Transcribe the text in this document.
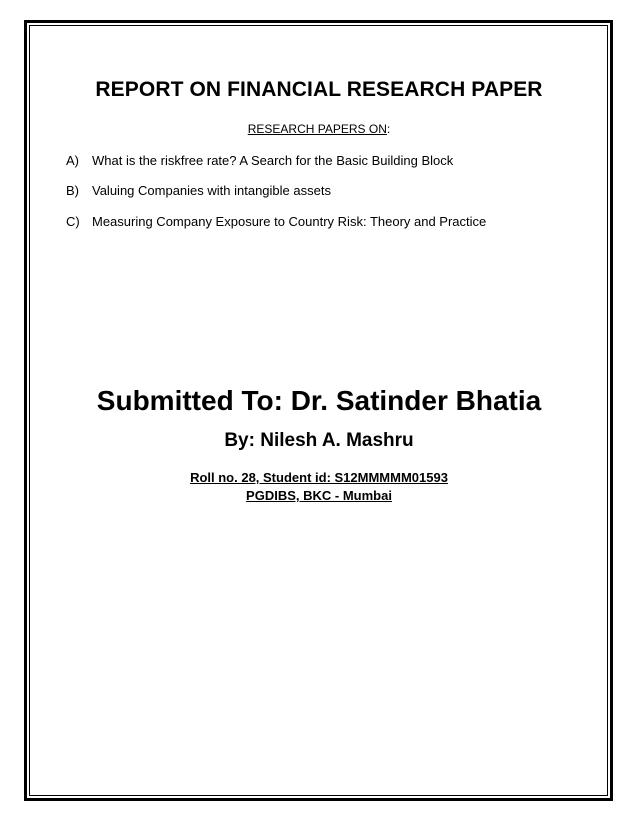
REPORT ON FINANCIAL RESEARCH PAPER
RESEARCH PAPERS ON:
A) What is the riskfree rate? A Search for the Basic Building Block
B) Valuing Companies with intangible assets
C) Measuring Company Exposure to Country Risk: Theory and Practice
Submitted To: Dr. Satinder Bhatia
By: Nilesh A. Mashru
Roll no. 28, Student id: S12MMMMM01593
PGDIBS, BKC - Mumbai
